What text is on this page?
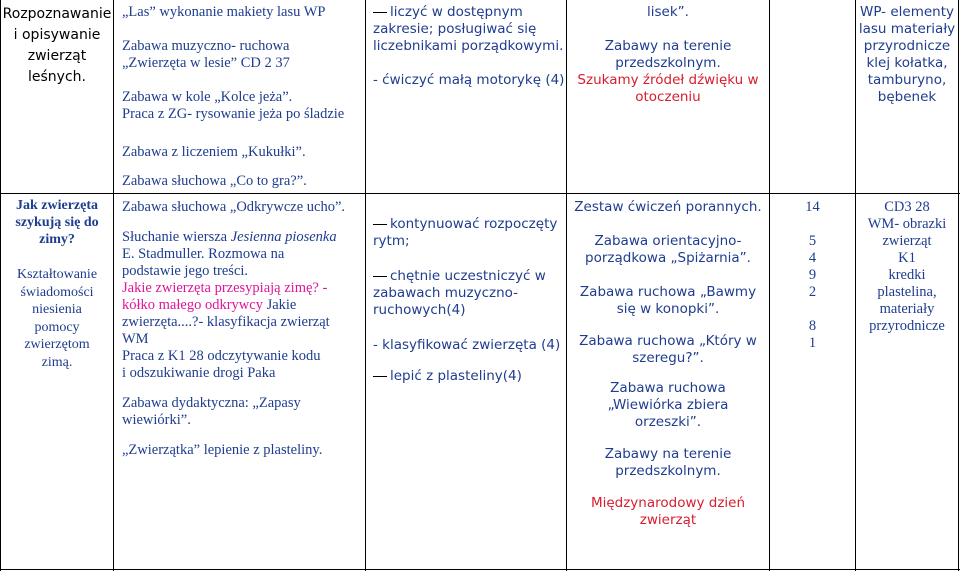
Rozpoznawanie

i opisywanie

zwierząt

leśnych.

„Las” wykonanie makiety lasu WP

Zabawa muzyczno- ruchowa

„Zwierzęta w lesie” CD 2 37

Zabawa w kole „Kolce jeża”.

Praca z ZG- rysowanie jeża po śladzie

Zabawa z liczeniem „Kukułki”.

Zabawa słuchowa „Co to gra?”.

liczyć w dostępnym

zakresie; posługiwać się

liczebnikami porządkowymi.

- ćwiczyć małą motorykę (4)

lisek”.

Zabawy na terenie

przedszkolnym.

Szukamy źródeł dźwięku w

otoczeniu

WP- elementy

lasu materiały

przyrodnicze

klej kołatka,

tamburyno,

bębenek

Jak zwierzęta

szykują się do

zimy?

Kształtowanie

świadomości

niesienia

pomocy

zwierzętom

zimą.

Zabawa słuchowa „Odkrywcze ucho”.

Słuchanie wiersza Jesienna piosenka

E. Stadmuller. Rozmowa na

podstawie jego treści.

Jakie zwierzęta przesypiają zimę? -

kółko małego odkrywcy Jakie

zwierzęta....?- klasyfikacja zwierząt

WM

Praca z K1 28 odczytywanie kodu

i odszukiwanie drogi Paka

Zabawa dydaktyczna: „Zapasy

wiewiórki”.

„Zwierzątka” lepienie z plasteliny.

kontynuować rozpoczęty

rytm;

chętnie uczestniczyć w

zabawach muzyczno-

ruchowych(4)

- klasyfikować zwierzęta (4)

lepić z plasteliny(4)

Zestaw ćwiczeń porannych.

Zabawa orientacyjno-

porządkowa „Spiżarnia”.

Zabawa ruchowa „Bawmy

się w konopki”.

Zabawa ruchowa „Który w

szeregu?”.

Zabawa ruchowa

„Wiewiórka zbiera

orzeszki”.

Zabawy na terenie

przedszkolnym.

Międzynarodowy dzień

zwierząt

14

5

4

9

2

8

1

CD3 28

WM- obrazki

zwierząt

K1

kredki

plastelina,

materiały

przyrodnicze
